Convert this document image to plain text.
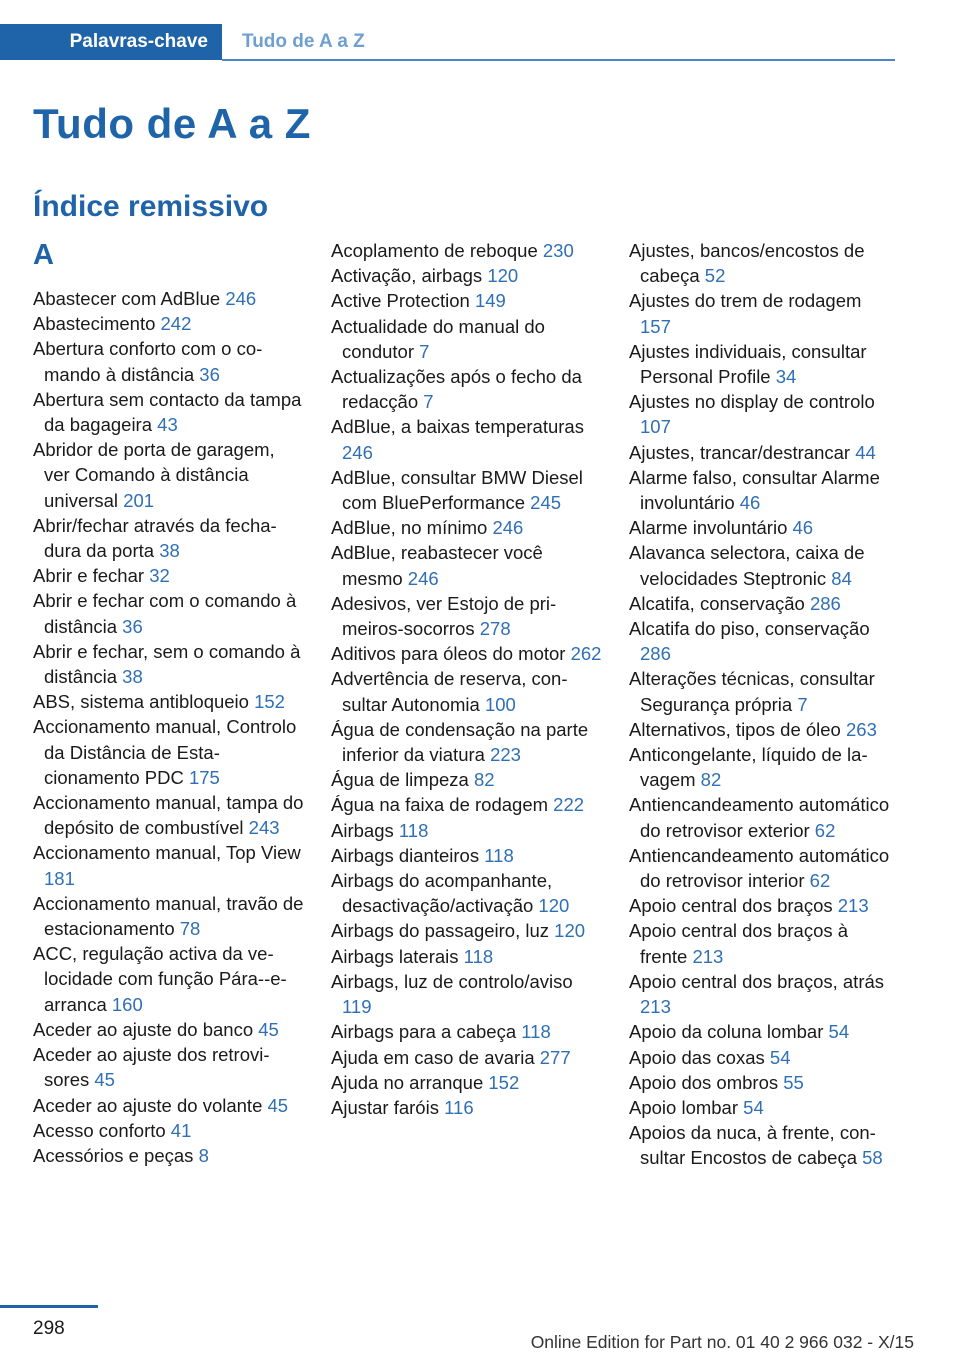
Palavras-chave	Tudo de A a Z
Tudo de A a Z
Índice remissivo
A
Abastecer com AdBlue 246
Abastecimento 242
Abertura conforto com o comando à distância 36
Abertura sem contacto da tampa da bagageira 43
Abridor de porta de garagem, ver Comando à distância universal 201
Abrir/fechar através da fechadura da porta 38
Abrir e fechar 32
Abrir e fechar com o comando à distância 36
Abrir e fechar, sem o comando à distância 38
ABS, sistema antibloqueio 152
Accionamento manual, Controlo da Distância de Estacionamento PDC 175
Accionamento manual, tampa do depósito de combustível 243
Accionamento manual, Top View 181
Accionamento manual, travão de estacionamento 78
ACC, regulação activa da velocidade com função Pára--e-arranca 160
Aceder ao ajuste do banco 45
Aceder ao ajuste dos retrovisores 45
Aceder ao ajuste do volante 45
Acesso conforto 41
Acessórios e peças 8
Acoplamento de reboque 230
Activação, airbags 120
Active Protection 149
Actualidade do manual do condutor 7
Actualizações após o fecho da redacção 7
AdBlue, a baixas temperaturas 246
AdBlue, consultar BMW Diesel com BluePerformance 245
AdBlue, no mínimo 246
AdBlue, reabastecer você mesmo 246
Adesivos, ver Estojo de primeiros-socorros 278
Aditivos para óleos do motor 262
Advertência de reserva, consultar Autonomia 100
Água de condensação na parte inferior da viatura 223
Água de limpeza 82
Água na faixa de rodagem 222
Airbags 118
Airbags dianteiros 118
Airbags do acompanhante, desactivação/activação 120
Airbags do passageiro, luz 120
Airbags laterais 118
Airbags, luz de controlo/aviso 119
Airbags para a cabeça 118
Ajuda em caso de avaria 277
Ajuda no arranque 152
Ajustar faróis 116
Ajustes, bancos/encostos de cabeça 52
Ajustes do trem de rodagem 157
Ajustes individuais, consultar Personal Profile 34
Ajustes no display de controlo 107
Ajustes, trancar/destrancar 44
Alarme falso, consultar Alarme involuntário 46
Alarme involuntário 46
Alavanca selectora, caixa de velocidades Steptronic 84
Alcatifa, conservação 286
Alcatifa do piso, conservação 286
Alterações técnicas, consultar Segurança própria 7
Alternativos, tipos de óleo 263
Anticongelante, líquido de lavagem 82
Antiencandeamento automático do retrovisor exterior 62
Antiencandeamento automático do retrovisor interior 62
Apoio central dos braços 213
Apoio central dos braços à frente 213
Apoio central dos braços, atrás 213
Apoio da coluna lombar 54
Apoio das coxas 54
Apoio dos ombros 55
Apoio lombar 54
Apoios da nuca, à frente, consultar Encostos de cabeça 58
298
Online Edition for Part no. 01 40 2 966 032 - X/15
